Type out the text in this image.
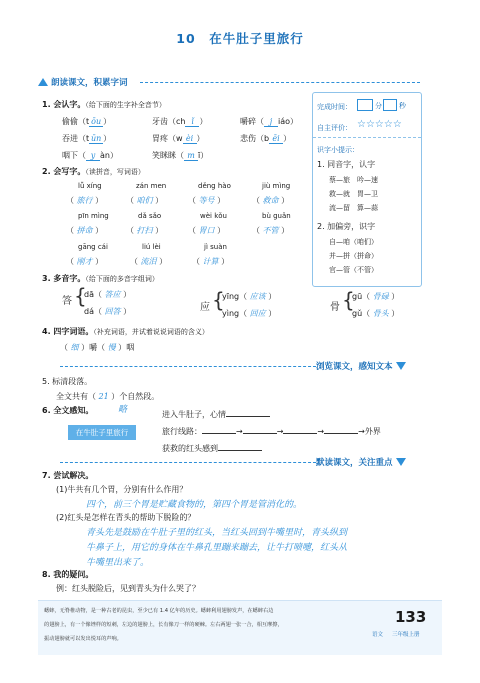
10　在牛肚子里旅行
朗读课文，积累字词
1. 会认字。（给下面的生字补全音节）
偷偷（t ōu ）	牙齿（ch ǐ ）	嚼碎（ j iáo）
吞进（t ūn ）	胃疼（w èi ）	悲伤（b ēi ）
咽下（ y àn）	笑眯眯（ m ī）
2. 会写字。（读拼音，写词语）
lǚ xíng	zán men	děng hào	jiù mìng
（ 旅行 ）	（ 咱们 ）	（ 等号 ）	（ 救命 ）
pīn mìng	dǎ sǎo	wèi kǒu	bù guǎn
（ 拼命 ）	（ 打扫 ）	（ 胃口 ）	（ 不管 ）
gāng cái	liú lèi	jì suàn
（ 刚才 ）	（ 流泪 ）	（ 计算 ）
3. 多音字。（给下面的多音字组词）
答 {
dā（ 答应 ）
dá（ 回答 ）	应 {
yīng（ 应该 ）
yìng（ 回应 ）
骨 {
gū（ 骨碌 ）
gǔ（ 骨头 ）
4. 四字词语。（补充词语，并试着说说词语的含义）
（ 细 ）嚼（ 慢 ）咽
浏览课文，感知文本
5. 标清段落。
全文共有（ 21 ）个自然段。
6. 全文感知。	略
在牛肚子里旅行
进入牛肚子，心情
旅行线路：	→	→	→	→外界
获救的红头感到
默读课文，关注重点
7. 尝试解决。
(1)牛共有几个胃，分别有什么作用？
四个，前三个胃是贮藏食物的，第四个胃是管消化的。
(2)红头是怎样在青头的帮助下脱险的？
青头先是鼓励在牛肚子里的红头，当红头回到牛嘴里时，青头纵到
牛鼻子上，用它的身体在牛鼻孔里蹦来蹦去，让牛打喷嚏，红头从
牛嘴里出来了。
8. 我的疑问。
例：红头脱险后，见到青头为什么哭了？
完成时间：	分 秒
自主评价： ☆☆☆☆☆
识字小提示：
1. 同音字，认字
蔡—旅　吟—速
救—就　胃—卫
流—留　算—蒜
2. 加偏旁，识字
自—咱（咱们）
并—拼（拼命）
官—管（不管）
蟋蟀，无脊椎动物，是一种古老的昆虫，至少已有 1.4 亿年的历史。蟋蟀利用翅膀发声，在蟋蟀右边
的翅膀上，有一个像锉样的短刺，左边的翅膀上，长有像刀一样的硬棘。左右两翅一张一合，相互摩擦，
振动翅膀就可以发出悦耳的声响。
133
语文 三年级上册
